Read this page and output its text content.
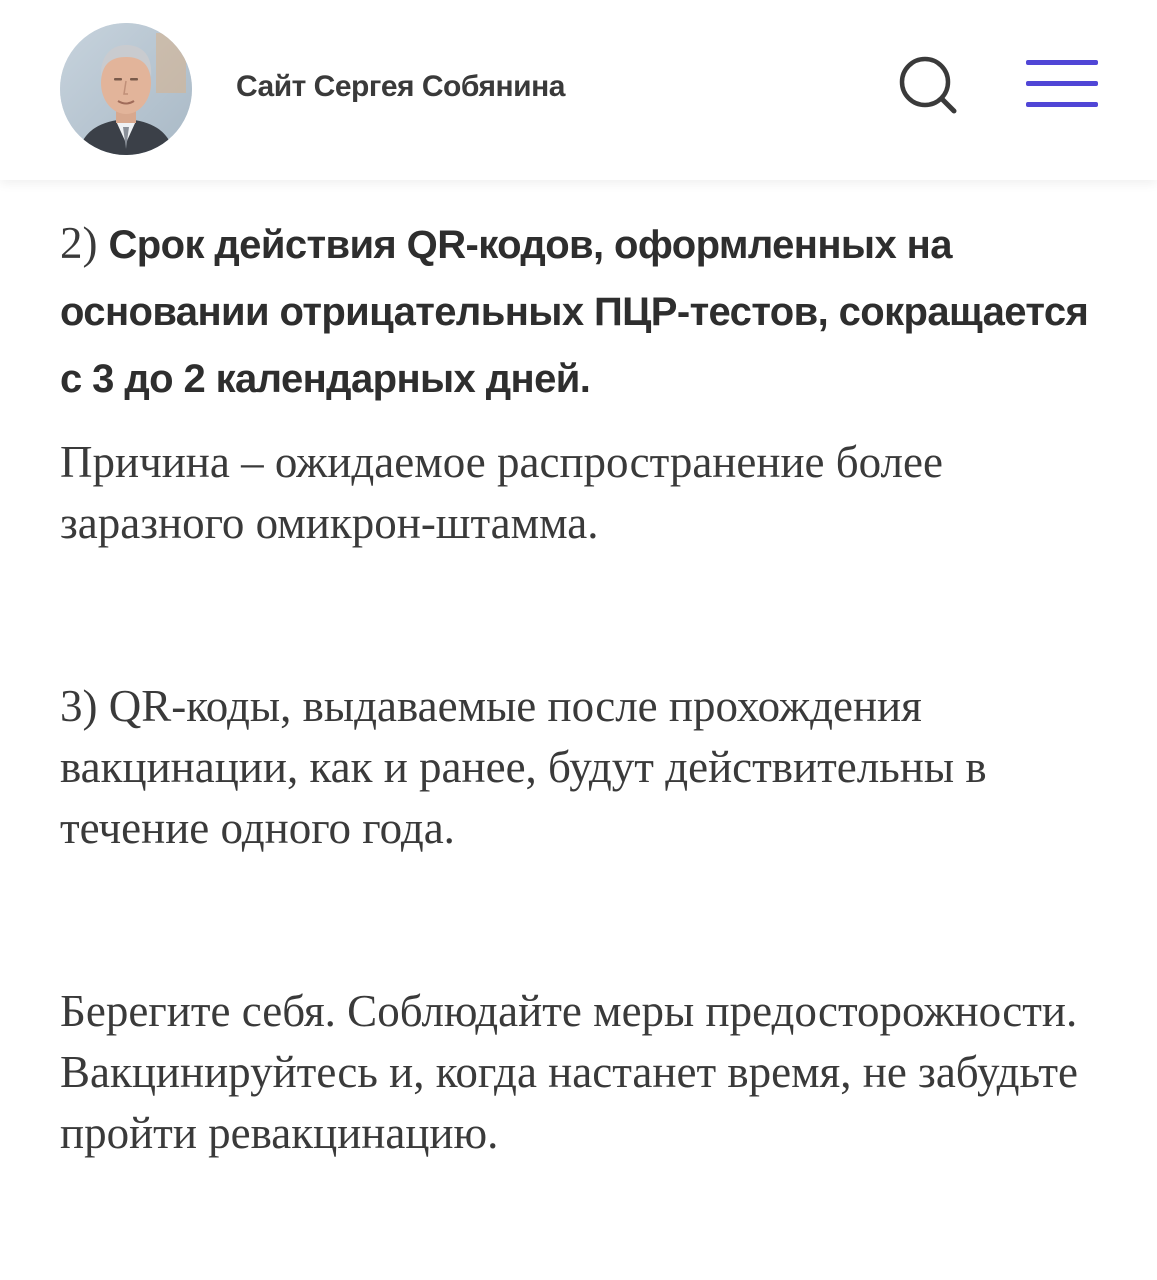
Сайт Сергея Собянина

2) Срок действия QR-кодов, оформленных на основании отрицательных ПЦР-тестов, сокращается с 3 до 2 календарных дней.

Причина – ожидаемое распространение более заразного омикрон-штамма.

3) QR-коды, выдаваемые после прохождения вакцинации, как и ранее, будут действительны в течение одного года.

Берегите себя. Соблюдайте меры предосторожности. Вакцинируйтесь и, когда настанет время, не забудьте пройти ревакцинацию.
